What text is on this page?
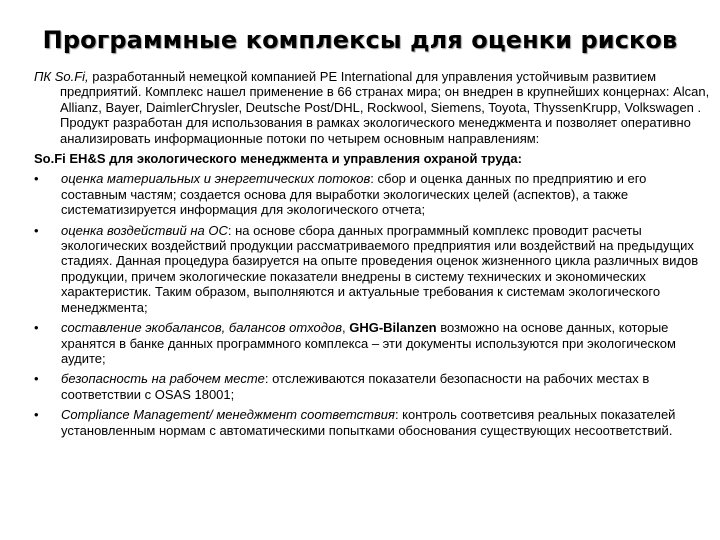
Программные комплексы для оценки рисков
ПК So.Fi, разработанный немецкой компанией PE International для управления устойчивым развитием предприятий. Комплекс нашел применение в 66 странах мира; он внедрен в крупнейших концернах: Alcan, Allianz, Bayer, DaimlerChrysler, Deutsche Post/DHL, Rockwool, Siemens, Toyota, ThyssenKrupp, Volkswagen . Продукт разработан для использования в рамках экологического менеджмента и позволяет оперативно анализировать информационные потоки по четырем основным направлениям:
So.Fi EH&S для экологического менеджмента и управления охраной труда:
•	оценка материальных и энергетических потоков: сбор и оценка данных по предприятию и его составным частям; создается основа для выработки экологических целей (аспектов), а также систематизируется информация для экологического отчета;
•	оценка воздействий на ОС: на основе сбора данных программный комплекс проводит расчеты экологических воздействий продукции рассматриваемого предприятия или воздействий на предыдущих стадиях. Данная процедура базируется на опыте проведения оценок жизненного цикла различных видов продукции, причем экологические показатели внедрены в систему технических и экономических характеристик. Таким образом, выполняются и актуальные требования к системам экологического менеджмента;
•	составление экобалансов, балансов отходов, GHG-Bilanzen возможно на основе данных, которые хранятся в банке данных программного комплекса – эти документы используются при экологическом аудите;
•	безопасность на рабочем месте: отслеживаются показатели безопасности на рабочих местах в соответствии с OSAS 18001;
•	Compliance Management/ менеджмент соответствия: контроль соответсивя реальных показателей установленным нормам с автоматическими попытками обоснования существующих несоответствий.
